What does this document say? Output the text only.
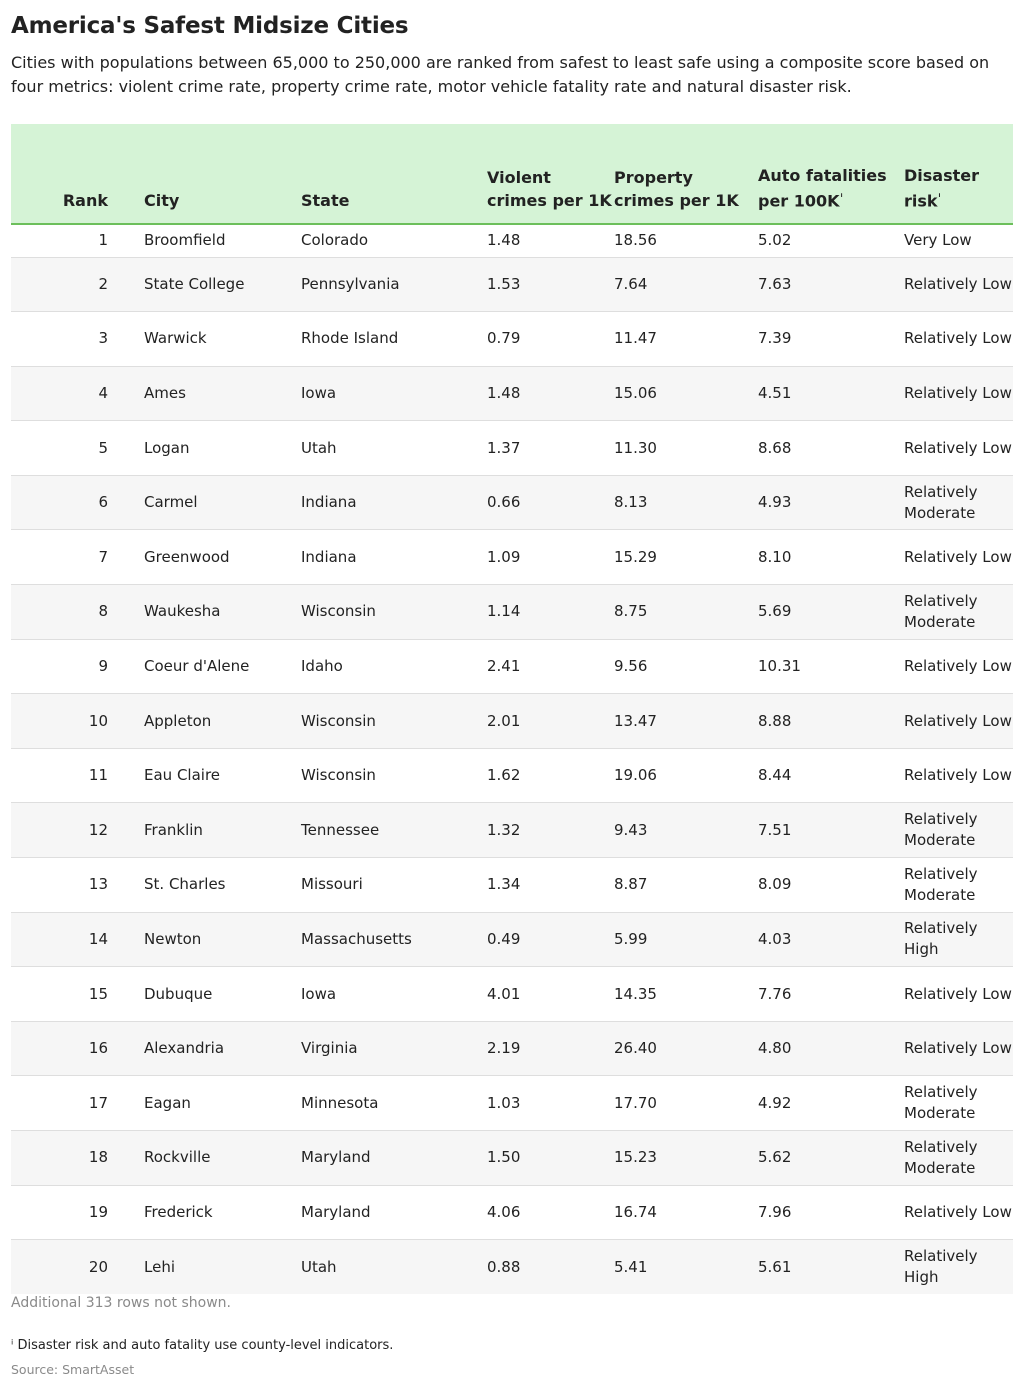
America's Safest Midsize Cities
Cities with populations between 65,000 to 250,000 are ranked from safest to least safe using a composite score based on four metrics: violent crime rate, property crime rate, motor vehicle fatality rate and natural disaster risk.
Rank	City	State	Violent crimes per 1K	Property crimes per 1K	Auto fatalities per $100K^{^i}$	Disaster risk$^{^i}$
1	Broomfield	Colorado	1.48	18.56	5.02	Very Low
2	State College	Pennsylvania	1.53	7.64	7.63	Relatively Low
3	Warwick	Rhode Island	0.79	11.47	7.39	Relatively Low
4	Ames	Iowa	1.48	15.06	4.51	Relatively Low
5	Logan	Utah	1.37	11.30	8.68	Relatively Low
6	Carmel	Indiana	0.66	8.13	4.93	Relatively Moderate
7	Greenwood	Indiana	1.09	15.29	8.10	Relatively Low
8	Waukesha	Wisconsin	1.14	8.75	5.69	Relatively Moderate
9	Coeur d'Alene	Idaho	2.41	9.56	10.31	Relatively Low
10	Appleton	Wisconsin	2.01	13.47	8.88	Relatively Low
11	Eau Claire	Wisconsin	1.62	19.06	8.44	Relatively Low
12	Franklin	Tennessee	1.32	9.43	7.51	Relatively Moderate
13	St. Charles	Missouri	1.34	8.87	8.09	Relatively Moderate
14	Newton	Massachusetts	0.49	5.99	4.03	Relatively High
15	Dubuque	Iowa	4.01	14.35	7.76	Relatively Low
16	Alexandria	Virginia	2.19	26.40	4.80	Relatively Low
17	Eagan	Minnesota	1.03	17.70	4.92	Relatively Moderate
18	Rockville	Maryland	1.50	15.23	5.62	Relatively Moderate
19	Frederick	Maryland	4.06	16.74	7.96	Relatively Low
20	Lehi	Utah	0.88	5.41	5.61	Relatively High
Additional 313 rows not shown.
ⁱ Disaster risk and auto fatality use county-level indicators.
Source: SmartAsset
